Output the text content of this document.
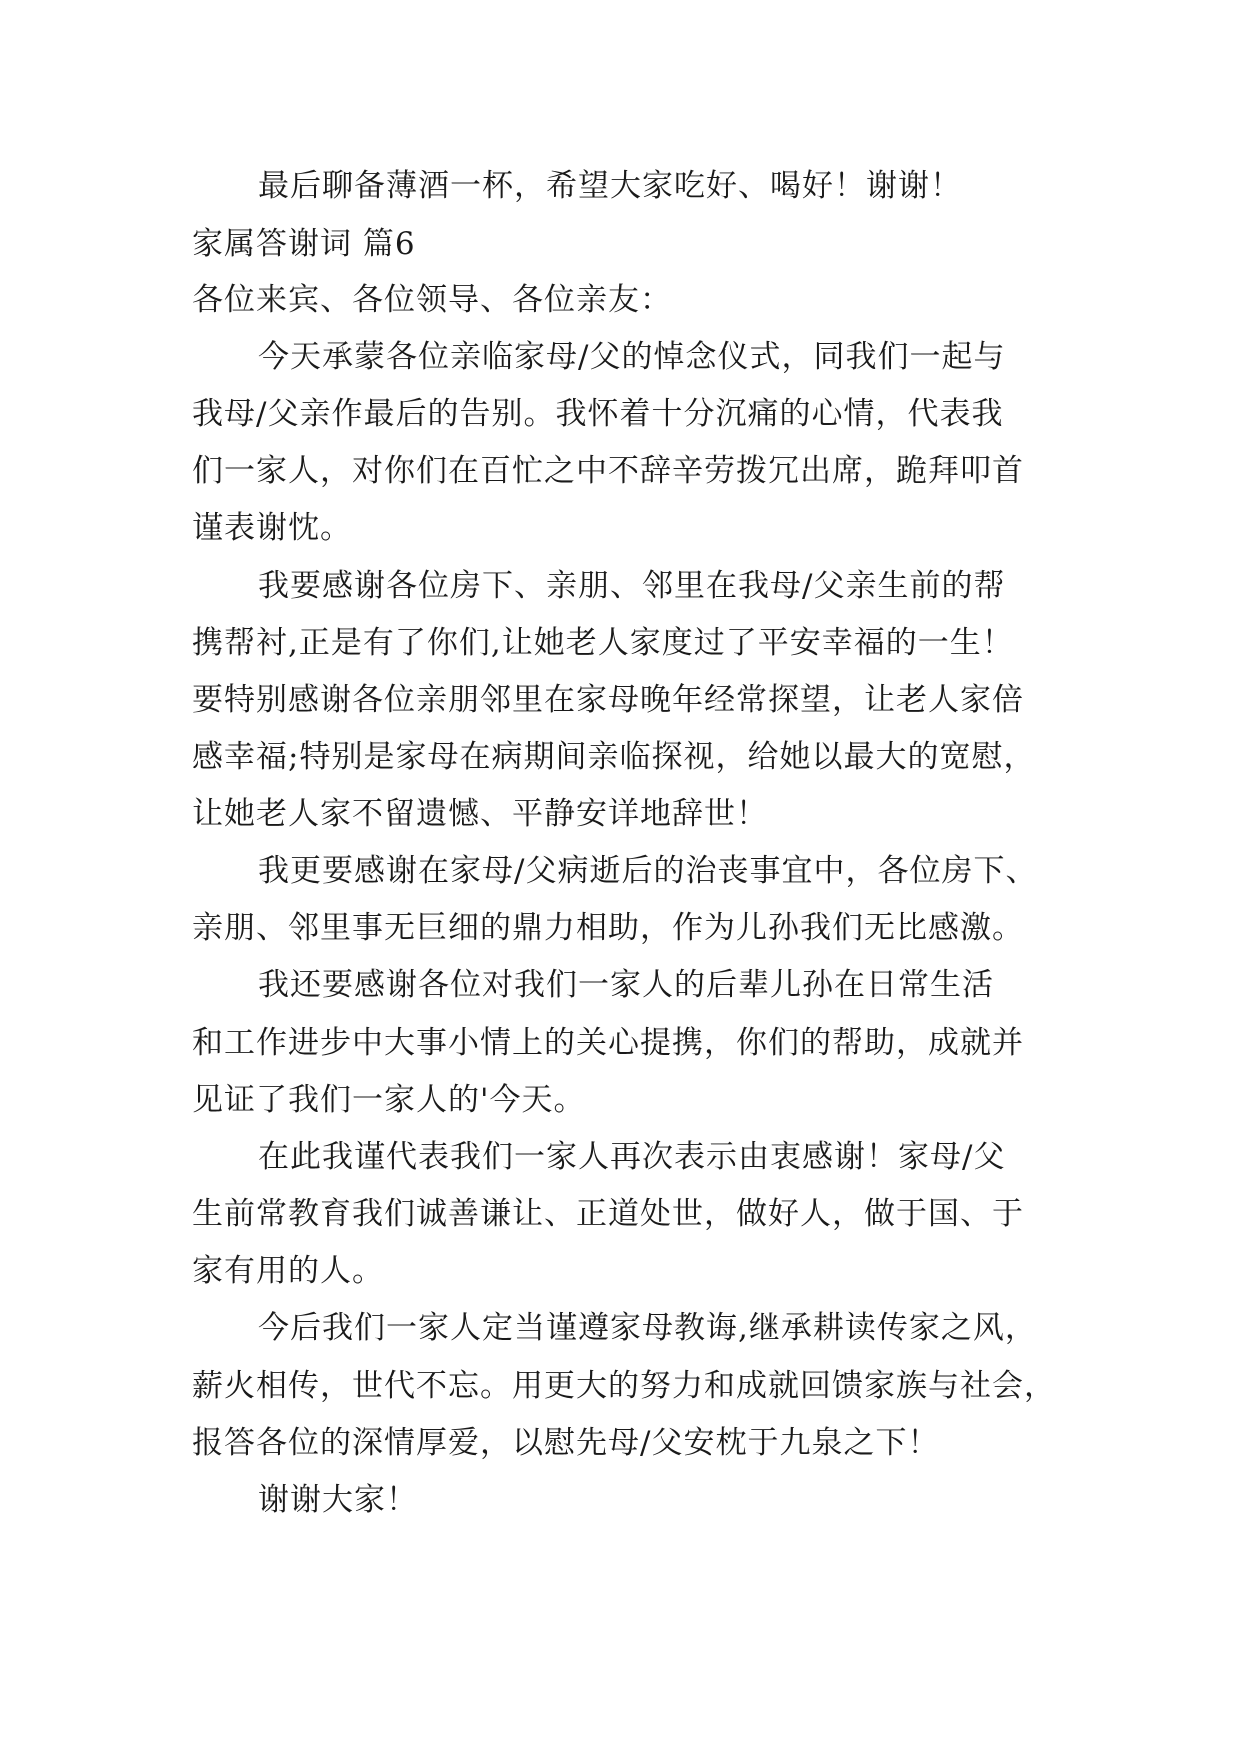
最后聊备薄酒一杯，希望大家吃好、喝好！谢谢！

家属答谢词 篇6

各位来宾、各位领导、各位亲友：

今天承蒙各位亲临家母/父的悼念仪式，同我们一起与

我母/父亲作最后的告别。我怀着十分沉痛的心情，代表我

们一家人，对你们在百忙之中不辞辛劳拨冗出席，跪拜叩首

谨表谢忱。

我要感谢各位房下、亲朋、邻里在我母/父亲生前的帮

携帮衬,正是有了你们,让她老人家度过了平安幸福的一生！

要特别感谢各位亲朋邻里在家母晚年经常探望，让老人家倍

感幸福;特别是家母在病期间亲临探视，给她以最大的宽慰，

让她老人家不留遗憾、平静安详地辞世！

我更要感谢在家母/父病逝后的治丧事宜中，各位房下、

亲朋、邻里事无巨细的鼎力相助，作为儿孙我们无比感激。

我还要感谢各位对我们一家人的后辈儿孙在日常生活

和工作进步中大事小情上的关心提携，你们的帮助，成就并

见证了我们一家人的'今天。

在此我谨代表我们一家人再次表示由衷感谢！家母/父

生前常教育我们诚善谦让、正道处世，做好人，做于国、于

家有用的人。

今后我们一家人定当谨遵家母教诲,继承耕读传家之风，

薪火相传，世代不忘。用更大的努力和成就回馈家族与社会，

报答各位的深情厚爱，以慰先母/父安枕于九泉之下！

谢谢大家！
